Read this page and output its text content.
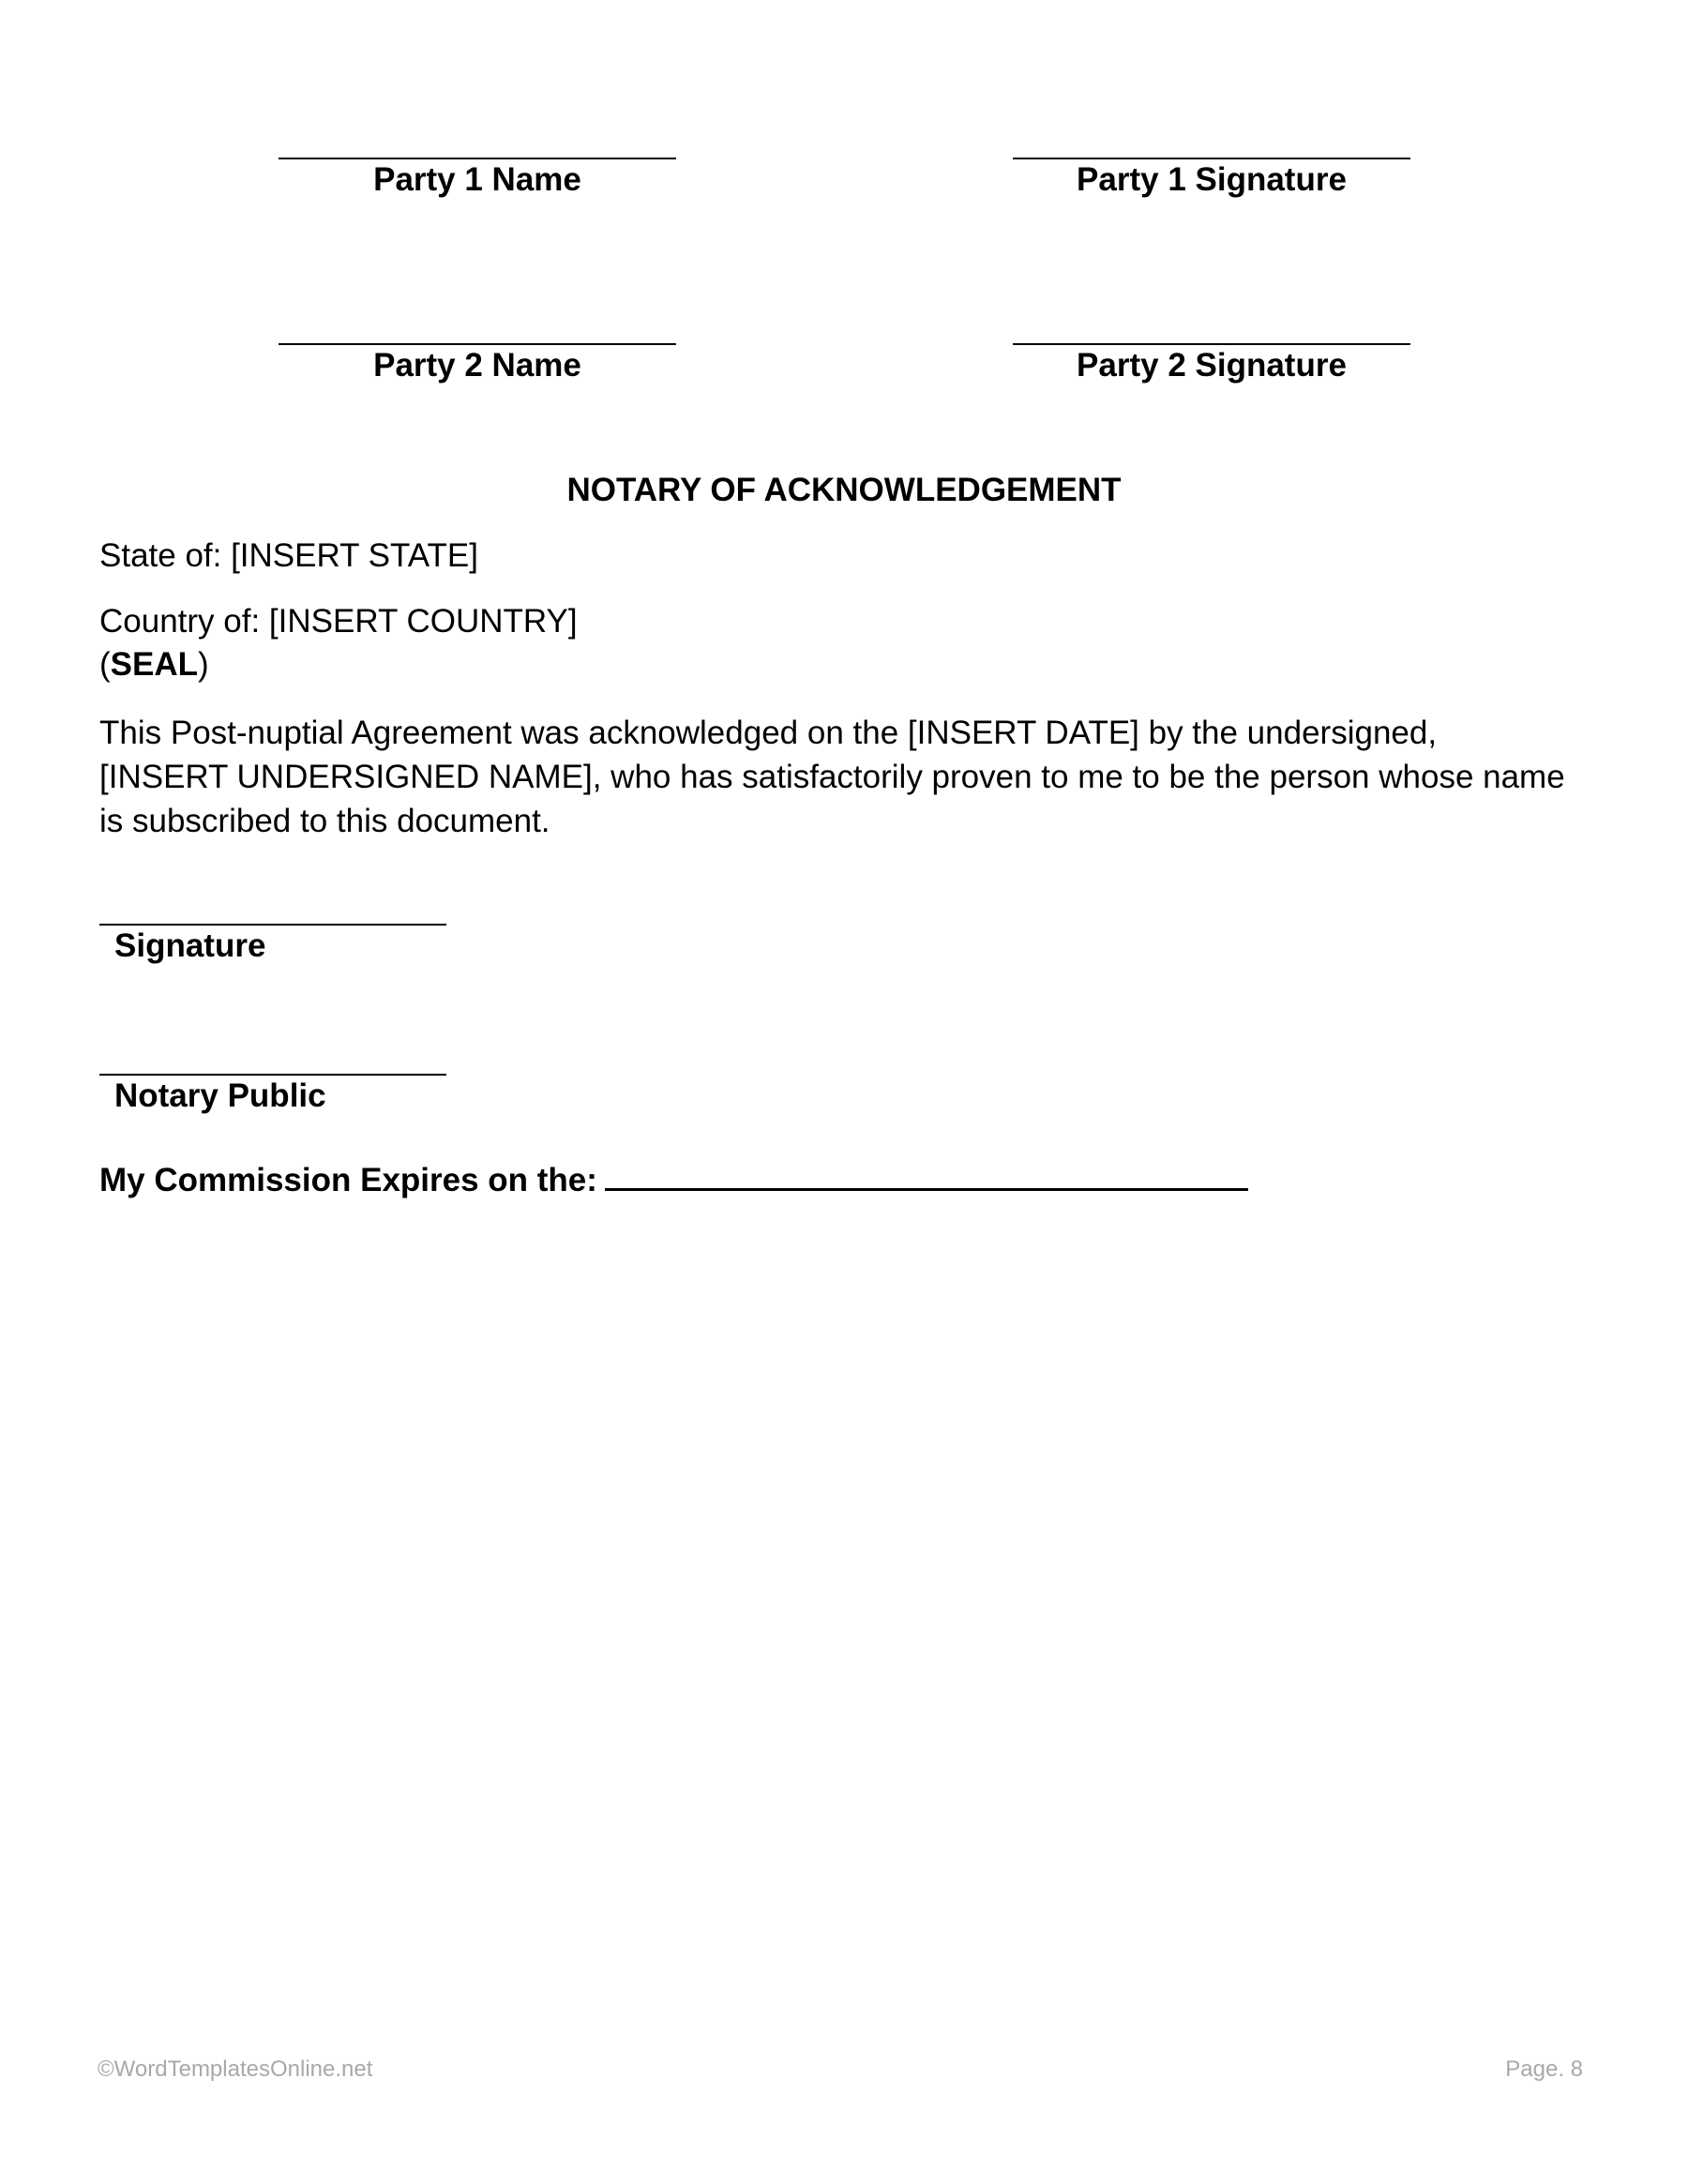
Party 1 Name	Party 1 Signature
Party 2 Name	Party 2 Signature
NOTARY OF ACKNOWLEDGEMENT
State of: [INSERT STATE]
Country of: [INSERT COUNTRY]
(SEAL)
This Post-nuptial Agreement was acknowledged on the [INSERT DATE] by the undersigned,
[INSERT UNDERSIGNED NAME], who has satisfactorily proven to me to be the person whose name
is subscribed to this document.
Signature
Notary Public
My Commission Expires on the:
©WordTemplatesOnline.net	Page. 8
